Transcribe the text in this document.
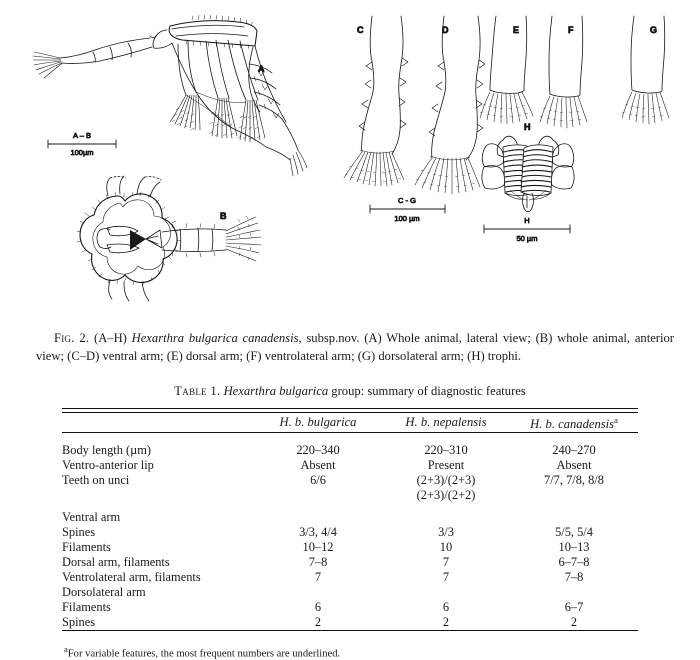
A
A – B
100µm
B
C	D	E	F	G
C - G
100 µm
H
H
50 µm
Fig. 2. (A–H) Hexarthra bulgarica canadensis, subsp.nov. (A) Whole animal, lateral view; (B) whole animal, anterior view; (C–D) ventral arm; (E) dorsal arm; (F) ventrolateral arm; (G) dorsolateral arm; (H) trophi.
Table 1. Hexarthra bulgarica group: summary of diagnostic features

	H. b. bulgarica	H. b. nepalensis	H. b. canadensis$^a$

Body length (µm)	220–340	220–310	240–270
Ventro-anterior lip	Absent	Present	Absent
Teeth on unci	6/6	(2+3)/(2+3)	7/7, 7/8, 8/8
		(2+3)/(2+2)	
Ventral arm			
Spines	3/3, 4/4	3/3	5/5, 5/4
Filaments	10–12	10	10–13
Dorsal arm, filaments	7–8	7	6–7–8
Ventrolateral arm, filaments	7	7	7–8
Dorsolateral arm			
Filaments	6	6	6–7
Spines	2	2	2

$^a$For variable features, the most frequent numbers are underlined.
